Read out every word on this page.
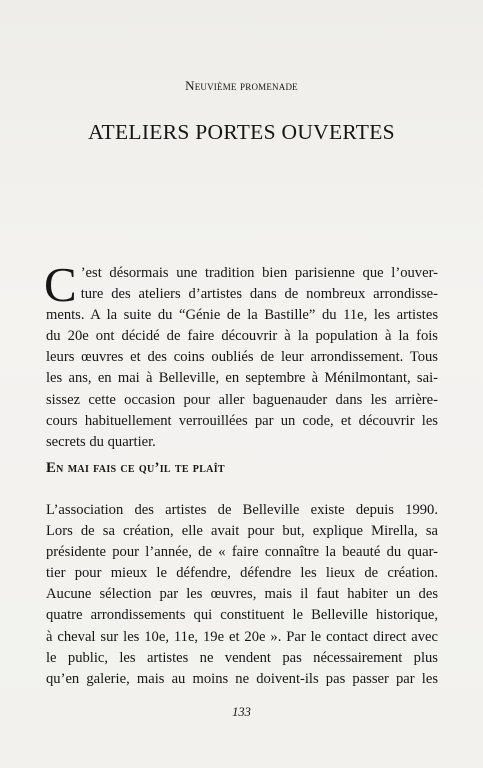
Neuvième promenade
ATELIERS PORTES OUVERTES
C ’est désormais une tradition bien parisienne que l’ouver-
ture des ateliers d’artistes dans de nombreux arrondisse-
ments. A la suite du “Génie de la Bastille” du 11e, les artistes
du 20e ont décidé de faire découvrir à la population à la fois
leurs œuvres et des coins oubliés de leur arrondissement. Tous
les ans, en mai à Belleville, en septembre à Ménilmontant, sai-
sissez cette occasion pour aller baguenauder dans les arrière-
cours habituellement verrouillées par un code, et découvrir les
secrets du quartier.
En mai fais ce qu’il te plaît
L’association des artistes de Belleville existe depuis 1990.
Lors de sa création, elle avait pour but, explique Mirella, sa
présidente pour l’année, de « faire connaître la beauté du quar-
tier pour mieux le défendre, défendre les lieux de création.
Aucune sélection par les œuvres, mais il faut habiter un des
quatre arrondissements qui constituent le Belleville historique,
à cheval sur les 10e, 11e, 19e et 20e ». Par le contact direct avec
le public, les artistes ne vendent pas nécessairement plus
qu’en galerie, mais au moins ne doivent-ils pas passer par les
133
